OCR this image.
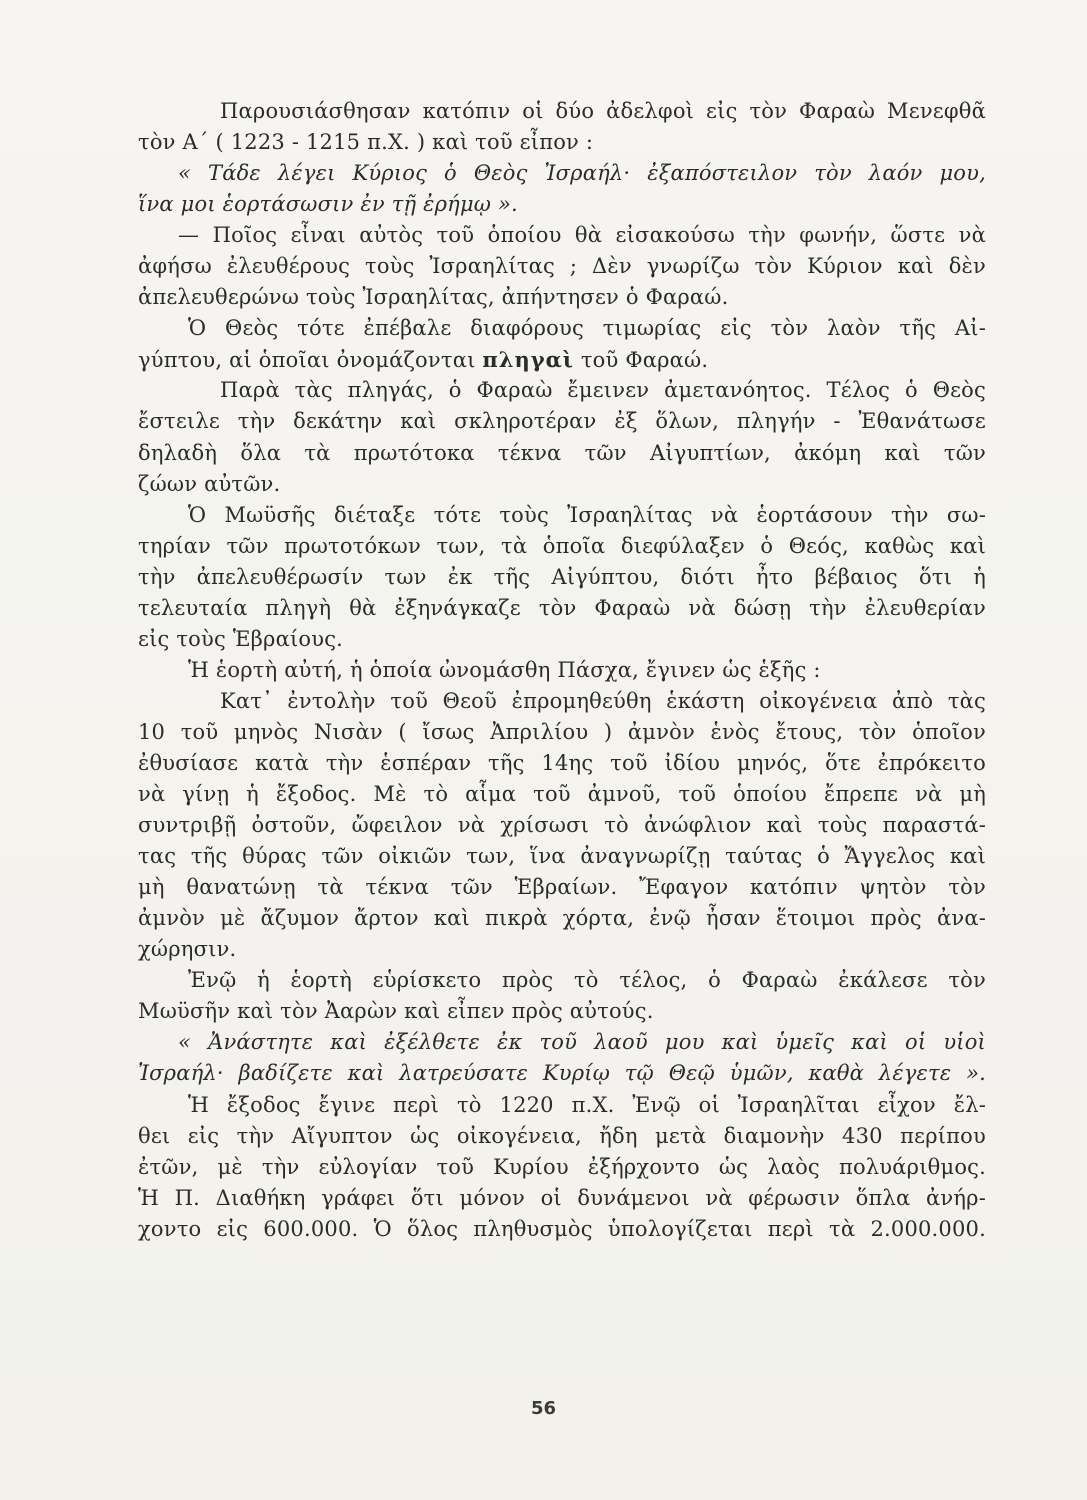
Παρουσιάσθησαν κατόπιν οἱ δύο ἀδελφοὶ εἰς τὸν Φαραὼ Μενεφθᾶ
τὸν Α΄ ( 1223 - 1215 π.Χ. ) καὶ τοῦ εἶπον :
« Τάδε λέγει Κύριος ὁ Θεὸς Ἰσραήλ· ἐξαπόστειλον τὸν λαόν μου,
ἵνα μοι ἑορτάσωσιν ἐν τῇ ἐρήμῳ ».
— Ποῖος εἶναι αὐτὸς τοῦ ὁποίου θὰ εἰσακούσω τὴν φωνήν, ὥστε νὰ
ἀφήσω ἐλευθέρους τοὺς Ἰσραηλίτας ; Δὲν γνωρίζω τὸν Κύριον καὶ δὲν
ἀπελευθερώνω τοὺς Ἰσραηλίτας, ἀπήντησεν ὁ Φαραώ.
Ὁ Θεὸς τότε ἐπέβαλε διαφόρους τιμωρίας εἰς τὸν λαὸν τῆς Αἰ-
γύπτου, αἱ ὁποῖαι ὀνομάζονται πληγαὶ τοῦ Φαραώ.
Παρὰ τὰς πληγάς, ὁ Φαραὼ ἔμεινεν ἀμετανόητος. Τέλος ὁ Θεὸς
ἔστειλε τὴν δεκάτην καὶ σκληροτέραν ἐξ ὅλων, πληγήν - Ἐθανάτωσε
δηλαδὴ ὅλα τὰ πρωτότοκα τέκνα τῶν Αἰγυπτίων, ἀκόμη καὶ τῶν
ζώων αὐτῶν.
Ὁ Μωϋσῆς διέταξε τότε τοὺς Ἰσραηλίτας νὰ ἑορτάσουν τὴν σω-
τηρίαν τῶν πρωτοτόκων των, τὰ ὁποῖα διεφύλαξεν ὁ Θεός, καθὼς καὶ
τὴν ἀπελευθέρωσίν των ἐκ τῆς Αἰγύπτου, διότι ἦτο βέβαιος ὅτι ἡ
τελευταία πληγὴ θὰ ἐξηνάγκαζε τὸν Φαραὼ νὰ δώσῃ τὴν ἐλευθερίαν
εἰς τοὺς Ἑβραίους.
Ἡ ἑορτὴ αὐτή, ἡ ὁποία ὠνομάσθη Πάσχα, ἔγινεν ὡς ἑξῆς :
Κατ᾽ ἐντολὴν τοῦ Θεοῦ ἐπρομηθεύθη ἑκάστη οἰκογένεια ἀπὸ τὰς
10 τοῦ μηνὸς Νισὰν ( ἴσως Ἀπριλίου ) ἀμνὸν ἑνὸς ἔτους, τὸν ὁποῖον
ἐθυσίασε κατὰ τὴν ἑσπέραν τῆς 14ης τοῦ ἰδίου μηνός, ὅτε ἐπρόκειτο
νὰ γίνῃ ἡ ἔξοδος. Μὲ τὸ αἷμα τοῦ ἀμνοῦ, τοῦ ὁποίου ἔπρεπε νὰ μὴ
συντριβῇ ὀστοῦν, ὤφειλον νὰ χρίσωσι τὸ ἀνώφλιον καὶ τοὺς παραστά-
τας τῆς θύρας τῶν οἰκιῶν των, ἵνα ἀναγνωρίζῃ ταύτας ὁ Ἄγγελος καὶ
μὴ θανατώνῃ τὰ τέκνα τῶν Ἑβραίων. Ἔφαγον κατόπιν ψητὸν τὸν
ἀμνὸν μὲ ἄζυμον ἄρτον καὶ πικρὰ χόρτα, ἐνῷ ἦσαν ἕτοιμοι πρὸς ἀνα-
χώρησιν.
Ἐνῷ ἡ ἑορτὴ εὑρίσκετο πρὸς τὸ τέλος, ὁ Φαραὼ ἐκάλεσε τὸν
Μωϋσῆν καὶ τὸν Ἀαρὼν καὶ εἶπεν πρὸς αὐτούς.
« Ἀνάστητε καὶ ἐξέλθετε ἐκ τοῦ λαοῦ μου καὶ ὑμεῖς καὶ οἱ υἱοὶ
Ἰσραήλ· βαδίζετε καὶ λατρεύσατε Κυρίῳ τῷ Θεῷ ὑμῶν, καθὰ λέγετε ».
Ἡ ἔξοδος ἔγινε περὶ τὸ 1220 π.Χ. Ἐνῷ οἱ Ἰσραηλῖται εἶχον ἔλ-
θει εἰς τὴν Αἴγυπτον ὡς οἰκογένεια, ἤδη μετὰ διαμονὴν 430 περίπου
ἐτῶν, μὲ τὴν εὐλογίαν τοῦ Κυρίου ἐξήρχοντο ὡς λαὸς πολυάριθμος.
Ἡ Π. Διαθήκη γράφει ὅτι μόνον οἱ δυνάμενοι νὰ φέρωσιν ὅπλα ἀνήρ-
χοντο εἰς 600.000. Ὁ ὅλος πληθυσμὸς ὑπολογίζεται περὶ τὰ 2.000.000.
56
